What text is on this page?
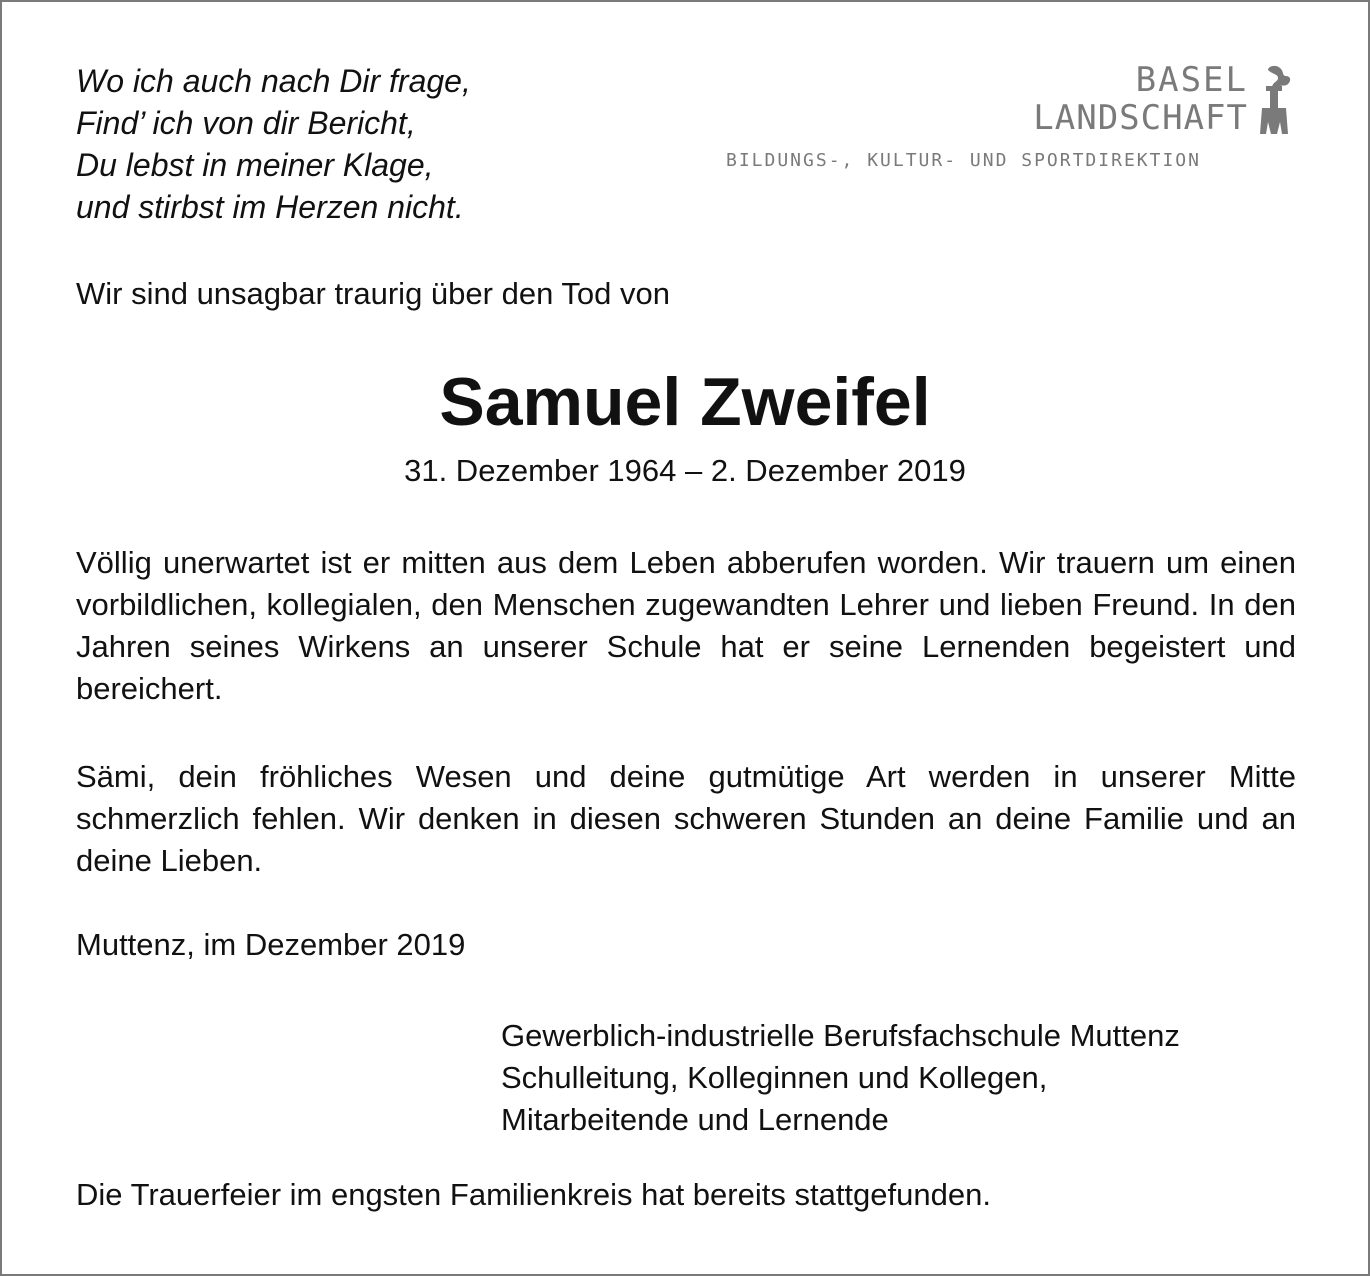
Wo ich auch nach Dir frage,
Find’ ich von dir Bericht,
Du lebst in meiner Klage,
und stirbst im Herzen nicht.
BASEL
LANDSCHAFT
BILDUNGS-, KULTUR- UND SPORTDIREKTION
Wir sind unsagbar traurig über den Tod von
Samuel Zweifel
31. Dezember 1964 – 2. Dezember 2019
Völlig unerwartet ist er mitten aus dem Leben abberufen worden. Wir trauern um einen vorbildlichen, kollegialen, den Menschen zugewandten Lehrer und lieben Freund. In den Jahren seines Wirkens an unserer Schule hat er seine Lernenden begeistert und bereichert.
Sämi, dein fröhliches Wesen und deine gutmütige Art werden in unserer Mitte schmerzlich fehlen. Wir denken in diesen schweren Stunden an deine Familie und an deine Lieben.
Muttenz, im Dezember 2019
Gewerblich-industrielle Berufsfachschule Muttenz
Schulleitung, Kolleginnen und Kollegen,
Mitarbeitende und Lernende
Die Trauerfeier im engsten Familienkreis hat bereits stattgefunden.
